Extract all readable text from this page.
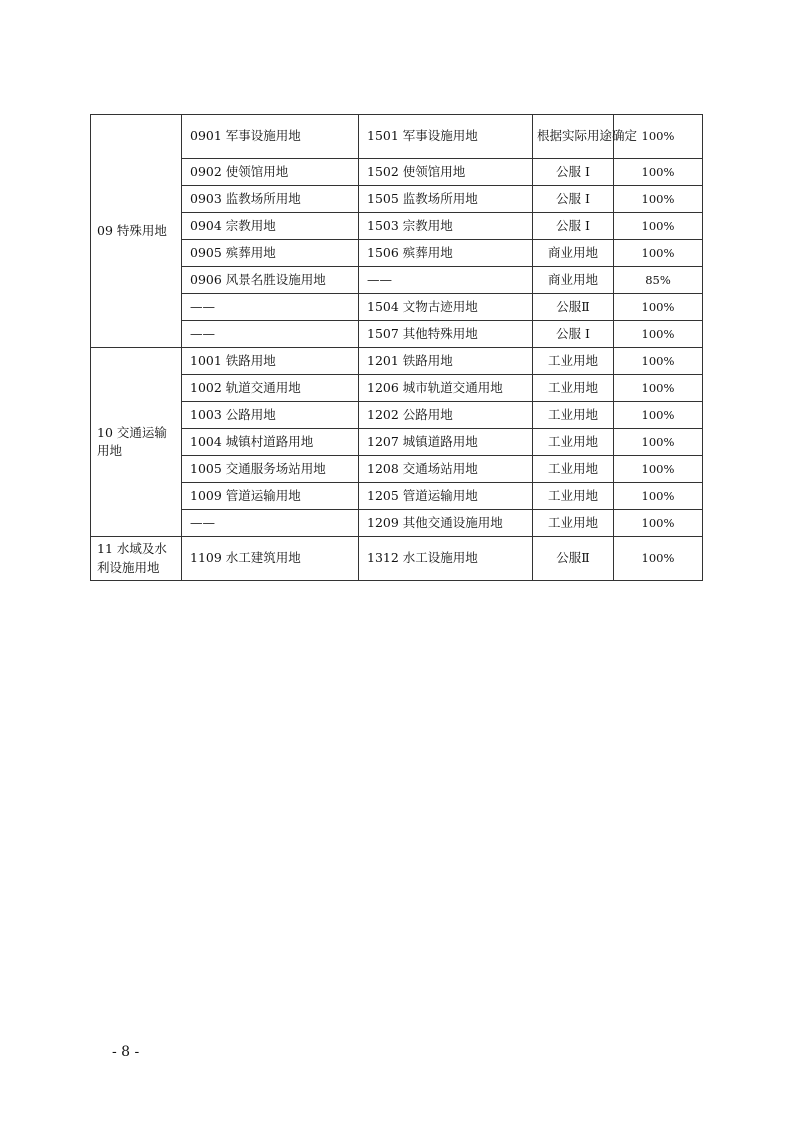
09 特殊用地	0901 军事设施用地	1501 军事设施用地	根据实际用途确定	100%
	0902 使领馆用地	1502 使领馆用地	公服 I	100%
	0903 监教场所用地	1505 监教场所用地	公服 I	100%
	0904 宗教用地	1503 宗教用地	公服 I	100%
	0905 殡葬用地	1506 殡葬用地	商业用地	100%
	0906 风景名胜设施用地	——	商业用地	85%
	——	1504 文物古迹用地	公服Ⅱ	100%
	——	1507 其他特殊用地	公服 I	100%
10 交通运输用地	1001 铁路用地	1201 铁路用地	工业用地	100%
	1002 轨道交通用地	1206 城市轨道交通用地	工业用地	100%
	1003 公路用地	1202 公路用地	工业用地	100%
	1004 城镇村道路用地	1207 城镇道路用地	工业用地	100%
	1005 交通服务场站用地	1208 交通场站用地	工业用地	100%
	1009 管道运输用地	1205 管道运输用地	工业用地	100%
	——	1209 其他交通设施用地	工业用地	100%
11 水域及水利设施用地	1109 水工建筑用地	1312 水工设施用地	公服Ⅱ	100%
- 8 -
